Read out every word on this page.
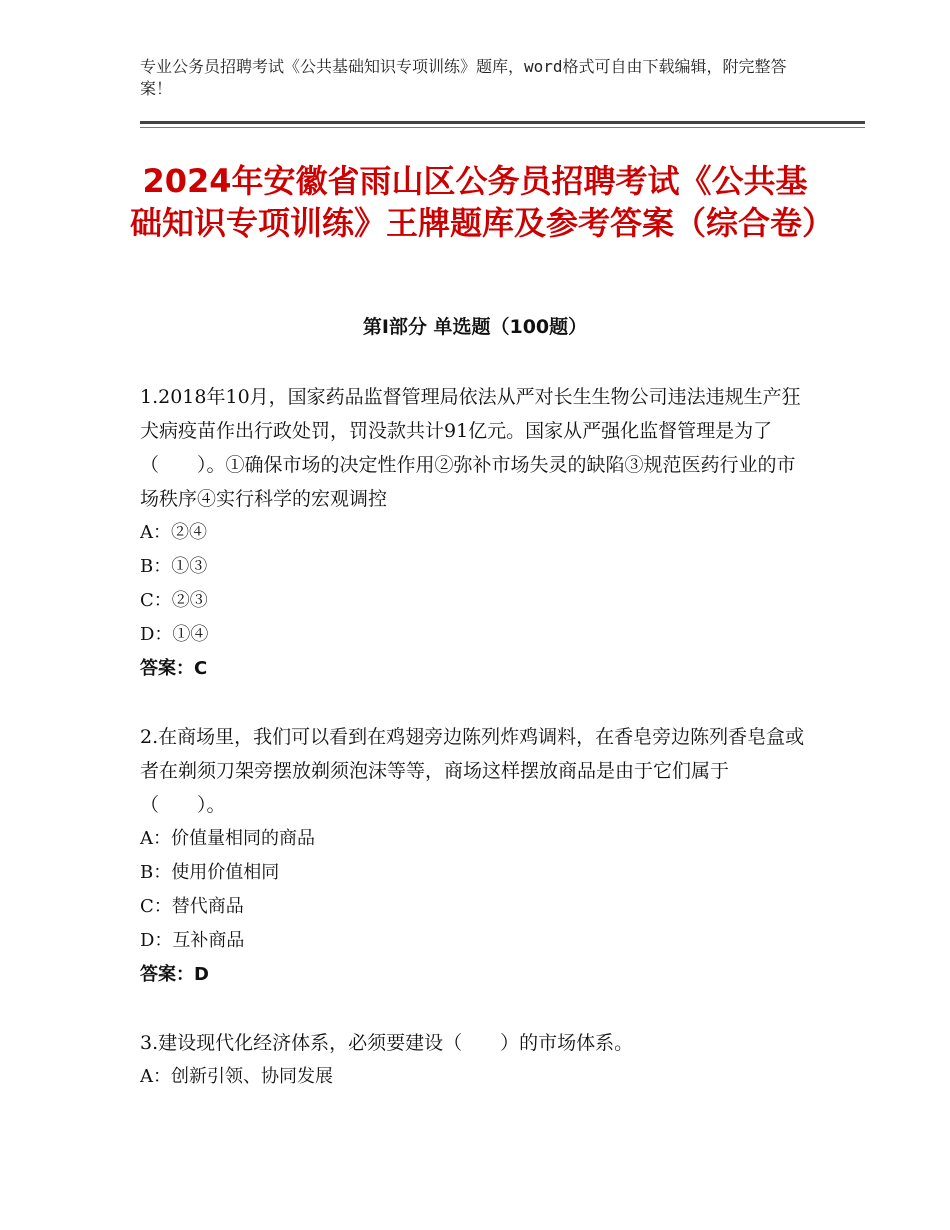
专业公务员招聘考试《公共基础知识专项训练》题库，word格式可自由下载编辑，附完整答案！
2024年安徽省雨山区公务员招聘考试《公共基础知识专项训练》王牌题库及参考答案（综合卷）
第Ⅰ部分 单选题（100题）
1.2018年10月，国家药品监督管理局依法从严对长生生物公司违法违规生产狂犬病疫苗作出行政处罚，罚没款共计91亿元。国家从严强化监督管理是为了（　　）。①确保市场的决定性作用②弥补市场失灵的缺陷③规范医药行业的市场秩序④实行科学的宏观调控
A：②④
B：①③
C：②③
D：①④
答案：C
2.在商场里，我们可以看到在鸡翅旁边陈列炸鸡调料，在香皂旁边陈列香皂盒或者在剃须刀架旁摆放剃须泡沫等等，商场这样摆放商品是由于它们属于（　　）。
A：价值量相同的商品
B：使用价值相同
C：替代商品
D：互补商品
答案：D
3.建设现代化经济体系，必须要建设（　　）的市场体系。
A：创新引领、协同发展
